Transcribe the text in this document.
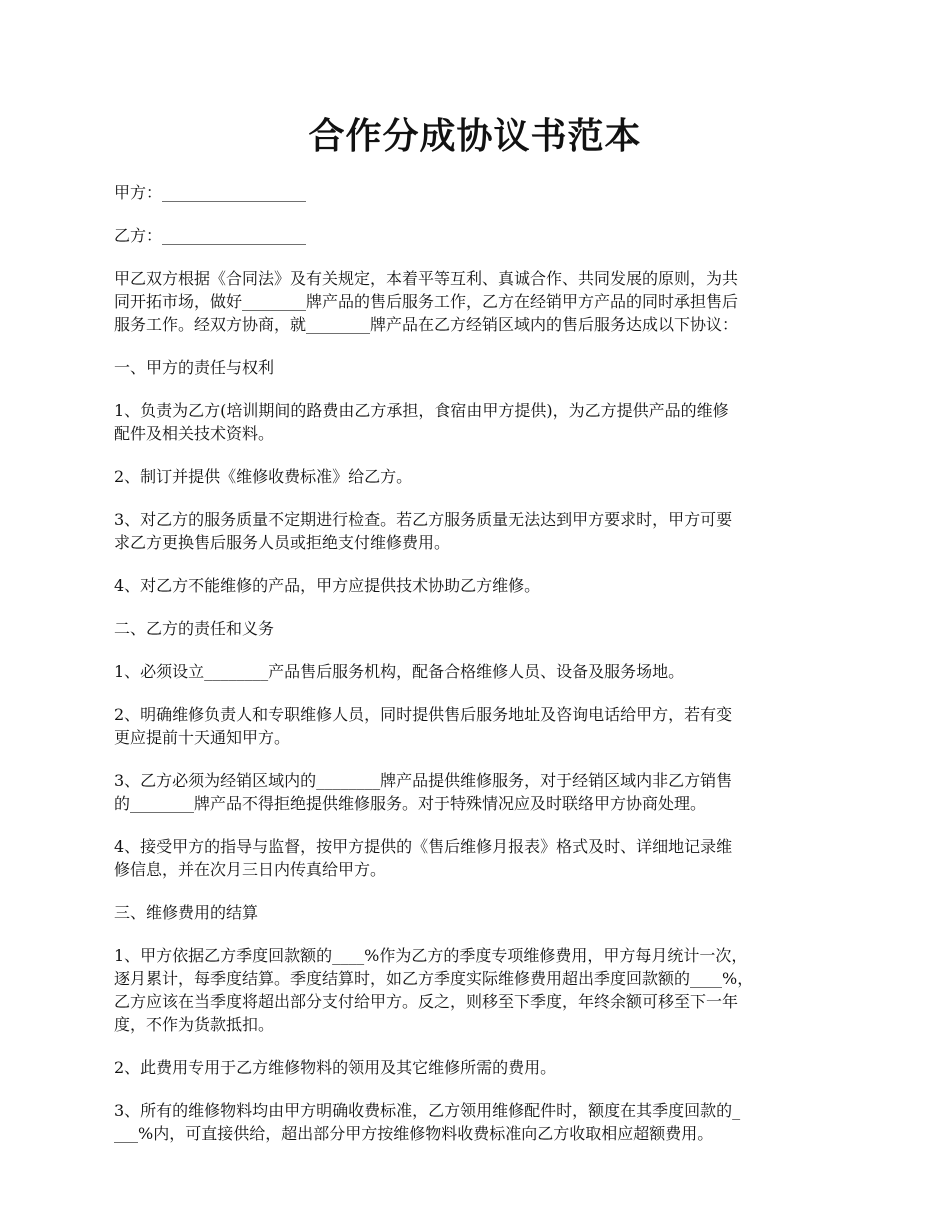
合作分成协议书范本

甲方：__________________

乙方：__________________

甲乙双方根据《合同法》及有关规定，本着平等互利、真诚合作、共同发展的原则，为共
同开拓市场，做好________牌产品的售后服务工作，乙方在经销甲方产品的同时承担售后
服务工作。经双方协商，就________牌产品在乙方经销区域内的售后服务达成以下协议：

一、甲方的责任与权利

1、负责为乙方(培训期间的路费由乙方承担，食宿由甲方提供)，为乙方提供产品的维修
配件及相关技术资料。

2、制订并提供《维修收费标准》给乙方。

3、对乙方的服务质量不定期进行检查。若乙方服务质量无法达到甲方要求时，甲方可要
求乙方更换售后服务人员或拒绝支付维修费用。

4、对乙方不能维修的产品，甲方应提供技术协助乙方维修。

二、乙方的责任和义务

1、必须设立________产品售后服务机构，配备合格维修人员、设备及服务场地。

2、明确维修负责人和专职维修人员，同时提供售后服务地址及咨询电话给甲方，若有变
更应提前十天通知甲方。

3、乙方必须为经销区域内的________牌产品提供维修服务，对于经销区域内非乙方销售
的________牌产品不得拒绝提供维修服务。对于特殊情况应及时联络甲方协商处理。

4、接受甲方的指导与监督，按甲方提供的《售后维修月报表》格式及时、详细地记录维
修信息，并在次月三日内传真给甲方。

三、维修费用的结算

1、甲方依据乙方季度回款额的____%作为乙方的季度专项维修费用，甲方每月统计一次，
逐月累计，每季度结算。季度结算时，如乙方季度实际维修费用超出季度回款额的____%，
乙方应该在当季度将超出部分支付给甲方。反之，则移至下季度，年终余额可移至下一年
度，不作为货款抵扣。

2、此费用专用于乙方维修物料的领用及其它维修所需的费用。

3、所有的维修物料均由甲方明确收费标准，乙方领用维修配件时，额度在其季度回款的_
___%内，可直接供给，超出部分甲方按维修物料收费标准向乙方收取相应超额费用。
